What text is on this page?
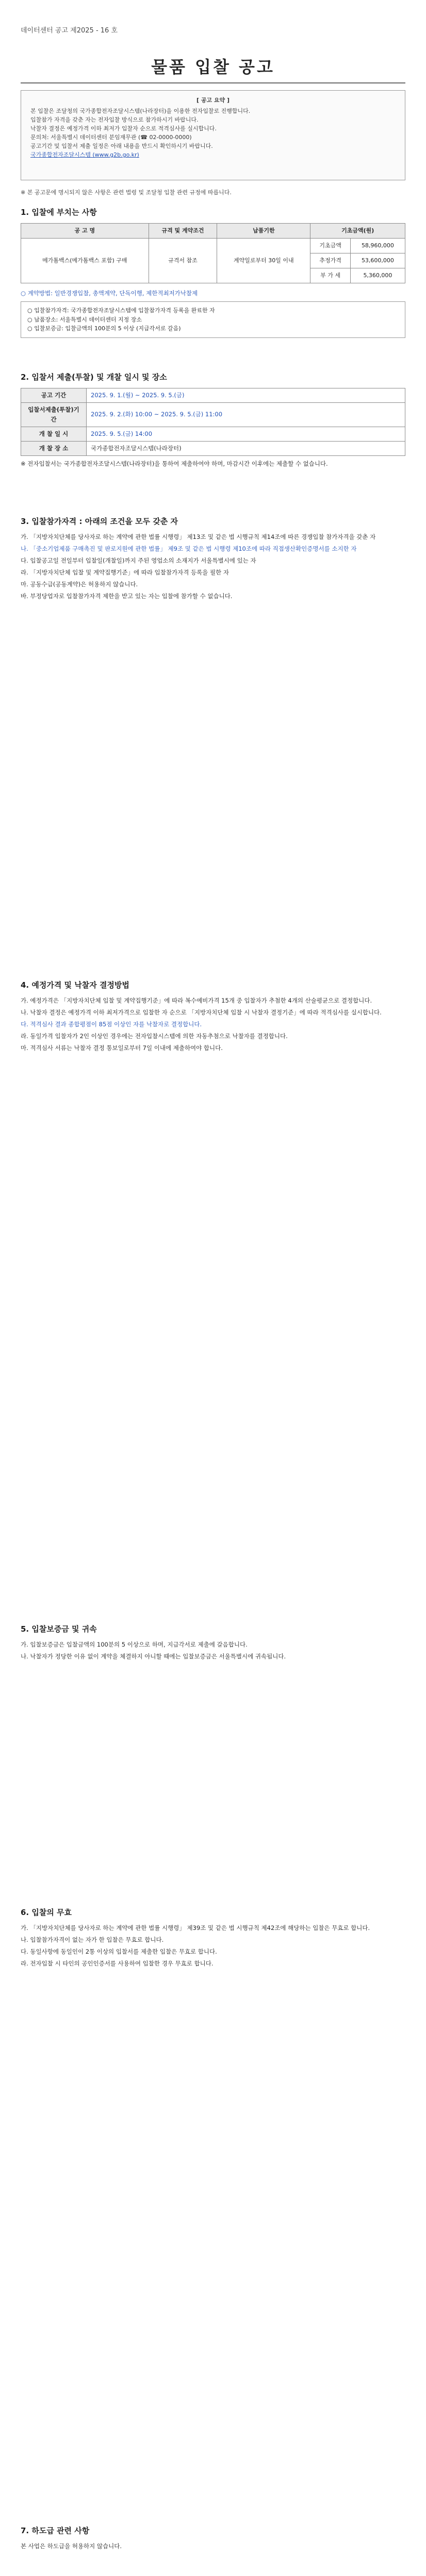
데이터센터 공고 제2025 - 16 호
물품 입찰 공고
[ 공고 요약 ]
본 입찰은 조달청의 국가종합전자조달시스템(나라장터)을 이용한 전자입찰로 진행합니다.
입찰참가 자격을 갖춘 자는 전자입찰 방식으로 참가하시기 바랍니다.
낙찰자 결정은 예정가격 이하 최저가 입찰자 순으로 적격심사를 실시합니다.
문의처: 서울특별시 데이터센터 분임재무관 (☎ 02-0000-0000)
공고기간 및 입찰서 제출 일정은 아래 내용을 반드시 확인하시기 바랍니다.
국가종합전자조달시스템 (www.g2b.go.kr)
※ 본 공고문에 명시되지 않은 사항은 관련 법령 및 조달청 입찰 관련 규정에 따릅니다.
1. 입찰에 부치는 사항
공 고 명	규격 및 계약조건	납품기한	기초금액(원)	
메가톰백스(메가톰백스 포함) 구매	규격서 참조	계약일로부터 30일 이내	기초금액	58,960,000
			추정가격	53,600,000
			부 가 세	5,360,000

○ 계약방법: 일반경쟁입찰, 총액계약, 단독이행, 제한적최저가낙찰제

○ 입찰참가자격: 국가종합전자조달시스템에 입찰참가자격 등록을 완료한 자
○ 납품장소: 서울특별시 데이터센터 지정 장소
○ 입찰보증금: 입찰금액의 100분의 5 이상 (지급각서로 갈음)
2. 입찰서 제출(투찰) 및 개찰 일시 및 장소
공고 기간	2025. 9. 1.(월) ~ 2025. 9. 5.(금)
입찰서제출(투찰)기간	2025. 9. 2.(화) 10:00 ~ 2025. 9. 5.(금) 11:00
개 찰 일 시	2025. 9. 5.(금) 14:00
개 찰 장 소	국가종합전자조달시스템(나라장터)

※ 전자입찰서는 국가종합전자조달시스템(나라장터)을 통하여 제출하여야 하며, 마감시간 이후에는 제출할 수 없습니다.

3. 입찰참가자격 : 아래의 조건을 모두 갖춘 자

가. 「지방자치단체를 당사자로 하는 계약에 관한 법률 시행령」 제13조 및 같은 법 시행규칙 제14조에 따른 경쟁입찰 참가자격을 갖춘 자

나. 「중소기업제품 구매촉진 및 판로지원에 관한 법률」 제9조 및 같은 법 시행령 제10조에 따라 직접생산확인증명서를 소지한 자

다. 입찰공고일 전일부터 입찰일(개찰일)까지 주된 영업소의 소재지가 서울특별시에 있는 자

라. 「지방자치단체 입찰 및 계약집행기준」에 따라 입찰참가자격 등록을 필한 자

마. 공동수급(공동계약)은 허용하지 않습니다.

바. 부정당업자로 입찰참가자격 제한을 받고 있는 자는 입찰에 참가할 수 없습니다.

4. 예정가격 및 낙찰자 결정방법

가. 예정가격은 「지방자치단체 입찰 및 계약집행기준」에 따라 복수예비가격 15개 중 입찰자가 추첨한 4개의 산술평균으로 결정합니다.

나. 낙찰자 결정은 예정가격 이하 최저가격으로 입찰한 자 순으로 「지방자치단체 입찰 시 낙찰자 결정기준」에 따라 적격심사를 실시합니다.

다. 적격심사 결과 종합평점이 85점 이상인 자를 낙찰자로 결정합니다.

라. 동일가격 입찰자가 2인 이상인 경우에는 전자입찰시스템에 의한 자동추첨으로 낙찰자를 결정합니다.

마. 적격심사 서류는 낙찰자 결정 통보일로부터 7일 이내에 제출하여야 합니다.

5. 입찰보증금 및 귀속

가. 입찰보증금은 입찰금액의 100분의 5 이상으로 하며, 지급각서로 제출에 갈음합니다.

나. 낙찰자가 정당한 이유 없이 계약을 체결하지 아니할 때에는 입찰보증금은 서울특별시에 귀속됩니다.

6. 입찰의 무효

가. 「지방자치단체를 당사자로 하는 계약에 관한 법률 시행령」 제39조 및 같은 법 시행규칙 제42조에 해당하는 입찰은 무효로 합니다.

나. 입찰참가자격이 없는 자가 한 입찰은 무효로 합니다.

다. 동일사항에 동일인이 2통 이상의 입찰서를 제출한 입찰은 무효로 합니다.

라. 전자입찰 시 타인의 공인인증서를 사용하여 입찰한 경우 무효로 합니다.

7. 하도급 관련 사항

본 사업은 하도급을 허용하지 않습니다.
